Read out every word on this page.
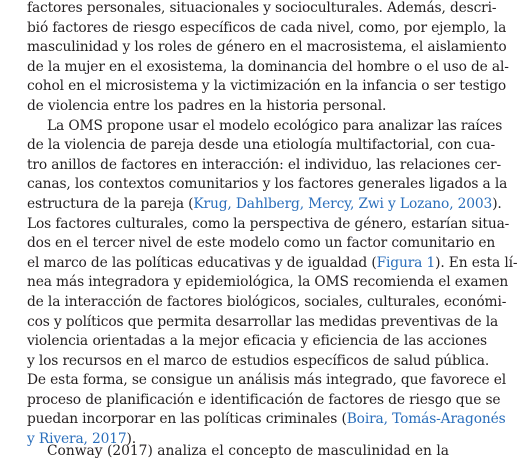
factores personales, situacionales y socioculturales. Además, descri-
bió factores de riesgo específicos de cada nivel, como, por ejemplo, la
masculinidad y los roles de género en el macrosistema, el aislamiento
de la mujer en el exosistema, la dominancia del hombre o el uso de al-
cohol en el microsistema y la victimización en la infancia o ser testigo
de violencia entre los padres en la historia personal.
La OMS propone usar el modelo ecológico para analizar las raíces
de la violencia de pareja desde una etiología multifactorial, con cua-
tro anillos de factores en interacción: el individuo, las relaciones cer-
canas, los contextos comunitarios y los factores generales ligados a la
estructura de la pareja (Krug, Dahlberg, Mercy, Zwi y Lozano, 2003).
Los factores culturales, como la perspectiva de género, estarían situa-
dos en el tercer nivel de este modelo como un factor comunitario en
el marco de las políticas educativas y de igualdad (Figura 1). En esta lí-
nea más integradora y epidemiológica, la OMS recomienda el examen
de la interacción de factores biológicos, sociales, culturales, económi-
cos y políticos que permita desarrollar las medidas preventivas de la
violencia orientadas a la mejor eficacia y eficiencia de las acciones
y los recursos en el marco de estudios específicos de salud pública.
De esta forma, se consigue un análisis más integrado, que favorece el
proceso de planificación e identificación de factores de riesgo que se
puedan incorporar en las políticas criminales (Boira, Tomás-Aragonés
y Rivera, 2017).
Conway (2017) analiza el concepto de masculinidad en la
